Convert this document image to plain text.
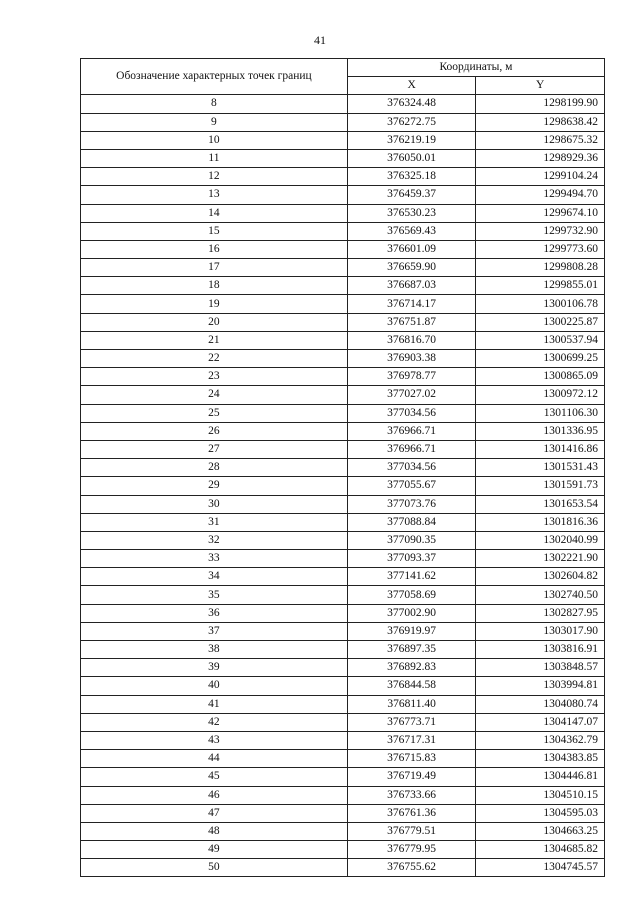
41
Обозначение характерных точек границ	Координаты, м	
	X	Y
8	376324.48	1298199.90
9	376272.75	1298638.42
10	376219.19	1298675.32
11	376050.01	1298929.36
12	376325.18	1299104.24
13	376459.37	1299494.70
14	376530.23	1299674.10
15	376569.43	1299732.90
16	376601.09	1299773.60
17	376659.90	1299808.28
18	376687.03	1299855.01
19	376714.17	1300106.78
20	376751.87	1300225.87
21	376816.70	1300537.94
22	376903.38	1300699.25
23	376978.77	1300865.09
24	377027.02	1300972.12
25	377034.56	1301106.30
26	376966.71	1301336.95
27	376966.71	1301416.86
28	377034.56	1301531.43
29	377055.67	1301591.73
30	377073.76	1301653.54
31	377088.84	1301816.36
32	377090.35	1302040.99
33	377093.37	1302221.90
34	377141.62	1302604.82
35	377058.69	1302740.50
36	377002.90	1302827.95
37	376919.97	1303017.90
38	376897.35	1303816.91
39	376892.83	1303848.57
40	376844.58	1303994.81
41	376811.40	1304080.74
42	376773.71	1304147.07
43	376717.31	1304362.79
44	376715.83	1304383.85
45	376719.49	1304446.81
46	376733.66	1304510.15
47	376761.36	1304595.03
48	376779.51	1304663.25
49	376779.95	1304685.82
50	376755.62	1304745.57
